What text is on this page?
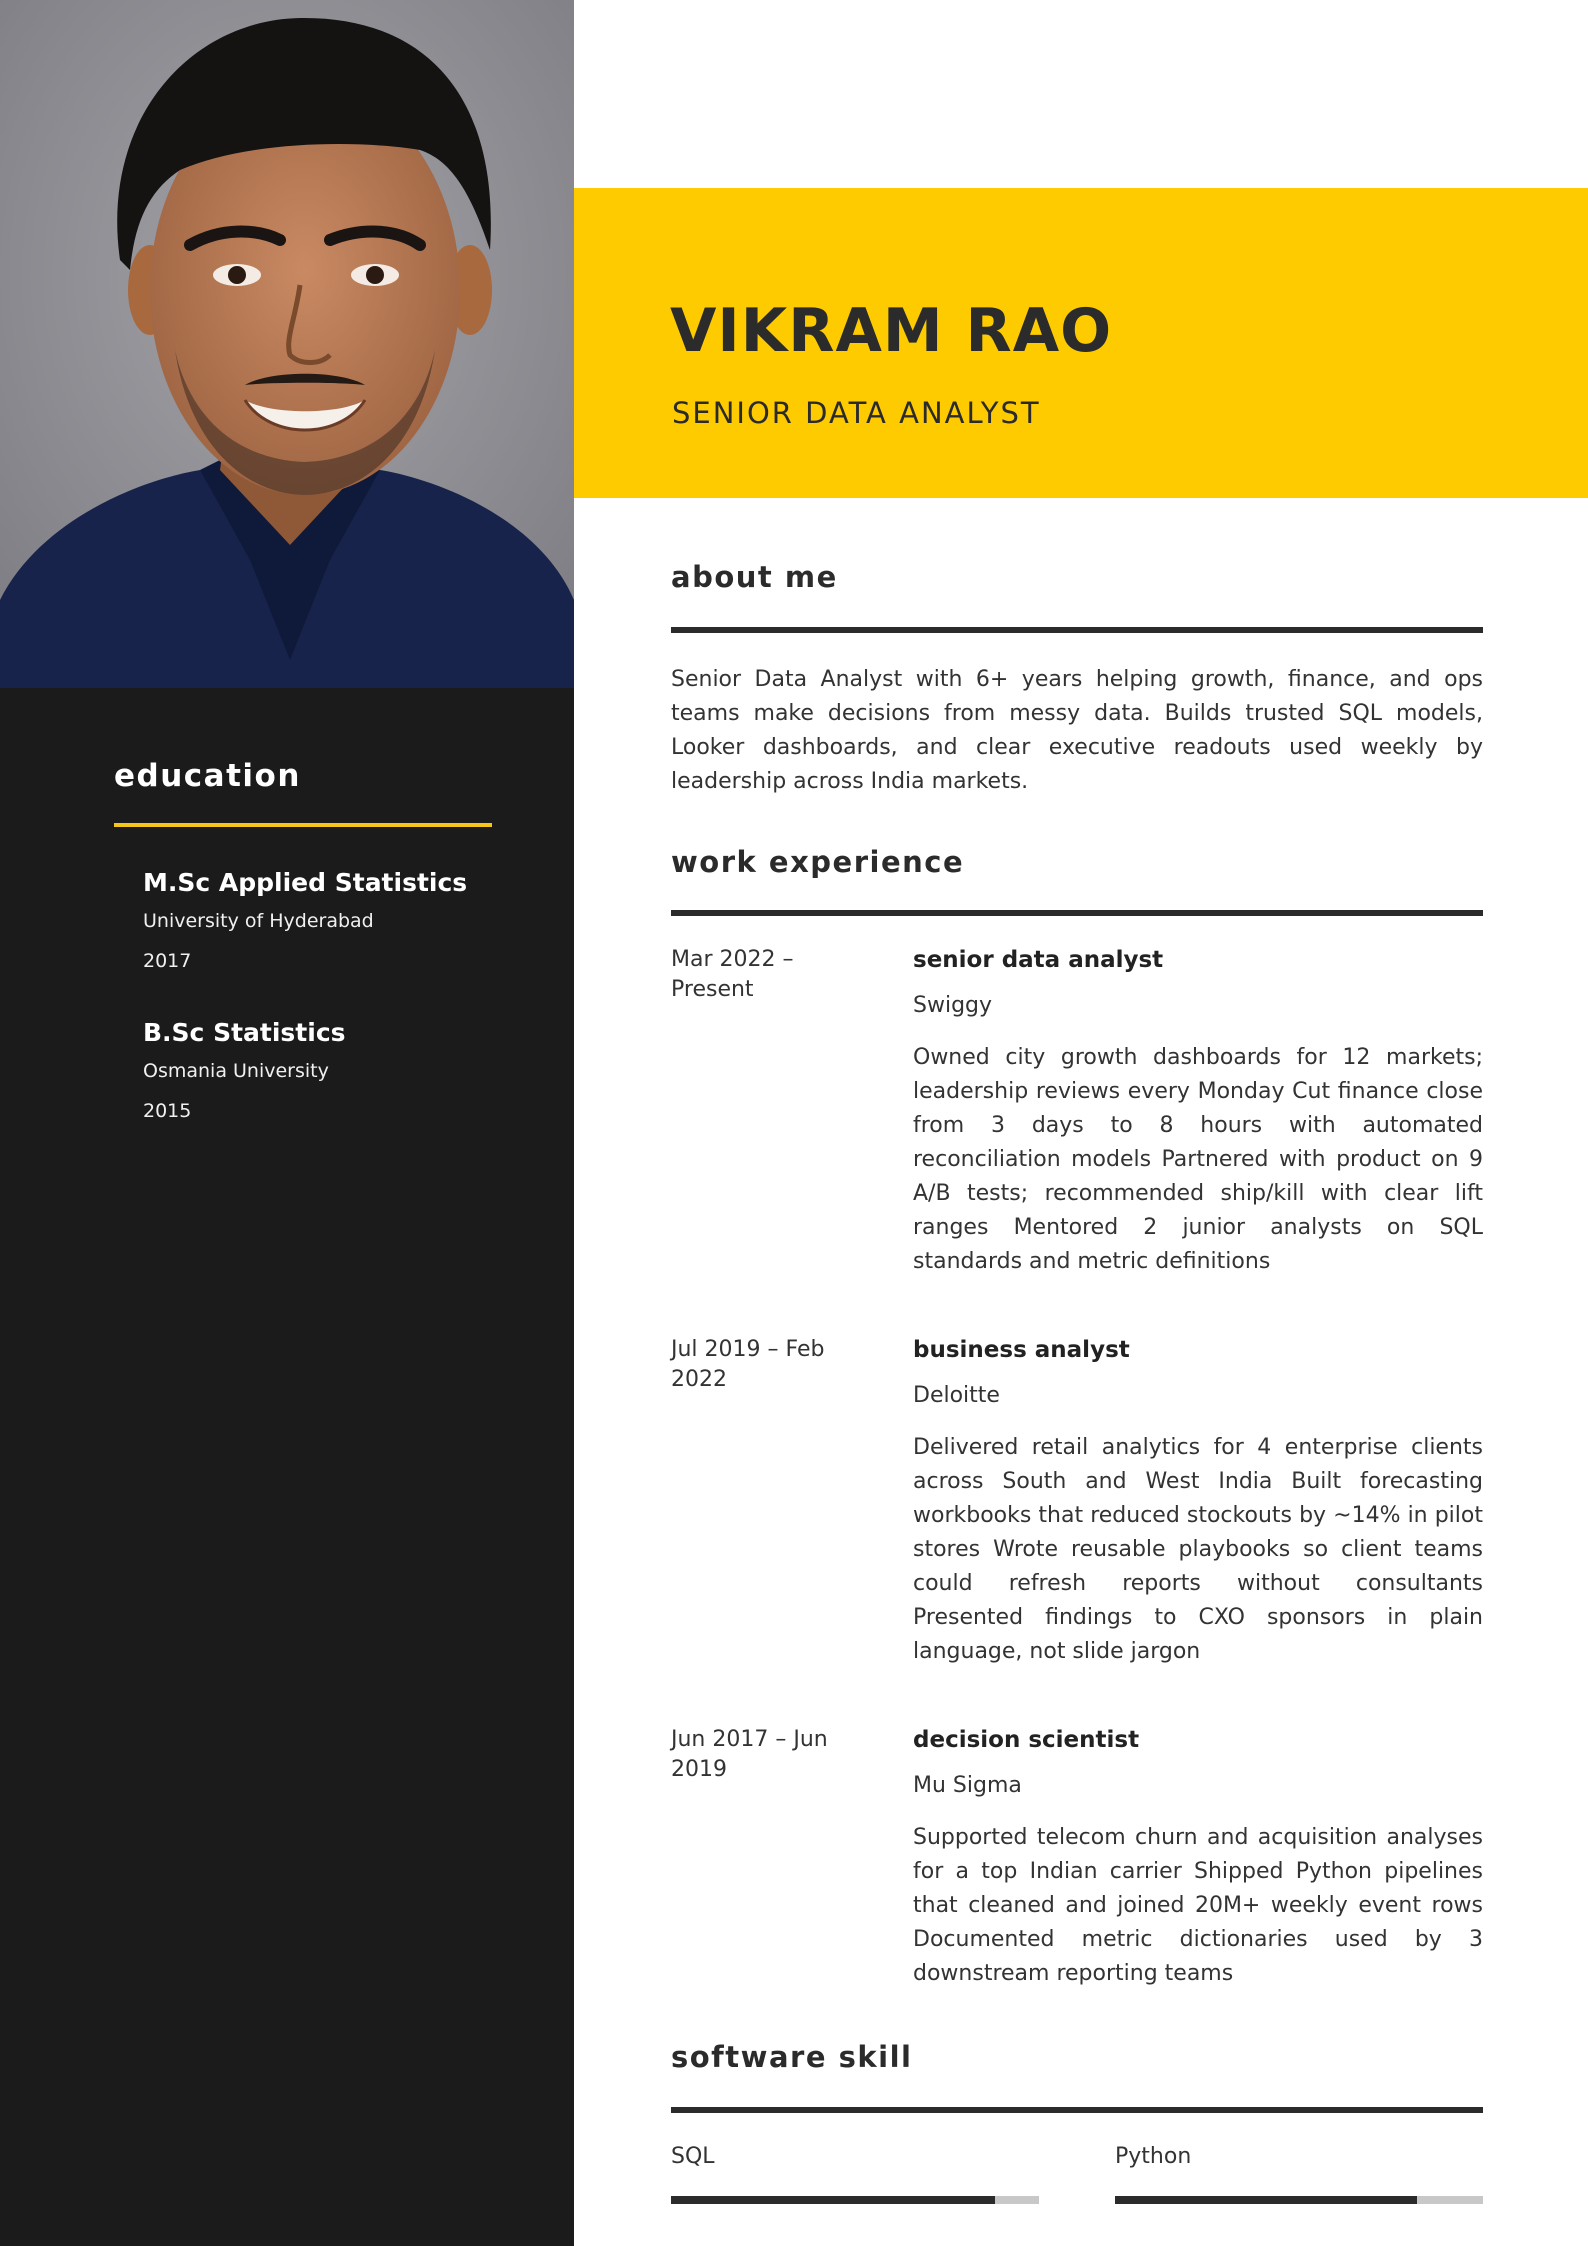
education
M.Sc Applied Statistics
University of Hyderabad
2017
B.Sc Statistics
Osmania University
2015
VIKRAM RAO
SENIOR DATA ANALYST
about me
Senior Data Analyst with 6+ years helping growth, finance, and ops teams make decisions from messy data. Builds trusted SQL models, Looker dashboards, and clear executive readouts used weekly by leadership across India markets.
work experience
Mar 2022 – Present
senior data analyst
Swiggy
Owned city growth dashboards for 12 markets; leadership reviews every Monday Cut finance close from 3 days to 8 hours with automated reconciliation models Partnered with product on 9 A/B tests; recommended ship/kill with clear lift ranges Mentored 2 junior analysts on SQL standards and metric definitions
Jul 2019 – Feb 2022
business analyst
Deloitte
Delivered retail analytics for 4 enterprise clients across South and West India Built forecasting workbooks that reduced stockouts by ~14% in pilot stores Wrote reusable playbooks so client teams could refresh reports without consultants Presented findings to CXO sponsors in plain language, not slide jargon
Jun 2017 – Jun 2019
decision scientist
Mu Sigma
Supported telecom churn and acquisition analyses for a top Indian carrier Shipped Python pipelines that cleaned and joined 20M+ weekly event rows Documented metric dictionaries used by 3 downstream reporting teams
software skill
SQL	Python
